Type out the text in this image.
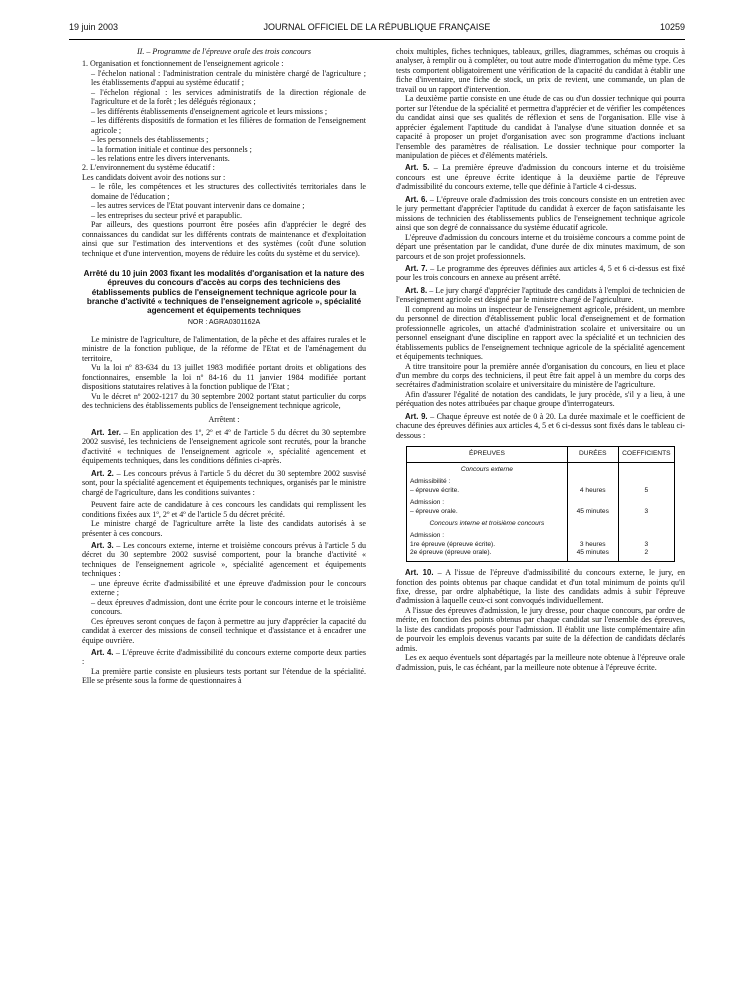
19 juin 2003	JOURNAL OFFICIEL DE LA RÉPUBLIQUE FRANÇAISE	10259

II. – Programme de l'épreuve orale des trois concours

1. Organisation et fonctionnement de l'enseignement agricole :

– l'échelon national : l'administration centrale du ministère chargé de l'agriculture ; les établissements d'appui au système éducatif ;

– l'échelon régional : les services administratifs de la direction régionale de l'agriculture et de la forêt ; les délégués régionaux ;

– les différents établissements d'enseignement agricole et leurs missions ;

– les différents dispositifs de formation et les filières de formation de l'enseignement agricole ;

– les personnels des établissements ;

– la formation initiale et continue des personnels ;

– les relations entre les divers intervenants.

2. L'environnement du système éducatif :

Les candidats doivent avoir des notions sur :

– le rôle, les compétences et les structures des collectivités territoriales dans le domaine de l'éducation ;

– les autres services de l'Etat pouvant intervenir dans ce domaine ;

– les entreprises du secteur privé et parapublic.

Par ailleurs, des questions pourront être posées afin d'apprécier le degré des connaissances du candidat sur les différents contrats de maintenance et d'exploitation ainsi que sur l'estimation des interventions et des systèmes (coût d'une solution technique et d'une intervention, moyens de réduire les coûts du système et du service).

Arrêté du 10 juin 2003 fixant les modalités d'organisation et la nature des épreuves du concours d'accès au corps des techniciens des établissements publics de l'enseignement technique agricole pour la branche d'activité « techniques de l'enseignement agricole », spécialité agencement et équipements techniques

NOR : AGRA0301162A

Le ministre de l'agriculture, de l'alimentation, de la pêche et des affaires rurales et le ministre de la fonction publique, de la réforme de l'Etat et de l'aménagement du territoire,

Vu la loi nº 83-634 du 13 juillet 1983 modifiée portant droits et obligations des fonctionnaires, ensemble la loi nº 84-16 du 11 janvier 1984 modifiée portant dispositions statutaires relatives à la fonction publique de l'Etat ;

Vu le décret nº 2002-1217 du 30 septembre 2002 portant statut particulier du corps des techniciens des établissements publics de l'enseignement technique agricole,

Arrêtent :

Art. 1er. – En application des 1º, 2º et 4º de l'article 5 du décret du 30 septembre 2002 susvisé, les techniciens de l'enseignement agricole sont recrutés, pour la branche d'activité « techniques de l'enseignement agricole », spécialité agencement et équipements techniques, dans les conditions définies ci-après.

Art. 2. – Les concours prévus à l'article 5 du décret du 30 septembre 2002 susvisé sont, pour la spécialité agencement et équipements techniques, organisés par le ministre chargé de l'agriculture, dans les conditions suivantes :

Peuvent faire acte de candidature à ces concours les candidats qui remplissent les conditions fixées aux 1º, 2º et 4º de l'article 5 du décret précité.

Le ministre chargé de l'agriculture arrête la liste des candidats autorisés à se présenter à ces concours.

Art. 3. – Les concours externe, interne et troisième concours prévus à l'article 5 du décret du 30 septembre 2002 susvisé comportent, pour la branche d'activité « techniques de l'enseignement agricole », spécialité agencement et équipements techniques :

– une épreuve écrite d'admissibilité et une épreuve d'admission pour le concours externe ;

– deux épreuves d'admission, dont une écrite pour le concours interne et le troisième concours.

Ces épreuves seront conçues de façon à permettre au jury d'apprécier la capacité du candidat à exercer des missions de conseil technique et d'assistance et à encadrer une équipe ouvrière.

Art. 4. – L'épreuve écrite d'admissibilité du concours externe comporte deux parties :

La première partie consiste en plusieurs tests portant sur l'étendue de la spécialité. Elle se présente sous la forme de questionnaires à

choix multiples, fiches techniques, tableaux, grilles, diagrammes, schémas ou croquis à analyser, à remplir ou à compléter, ou tout autre mode d'interrogation du même type. Ces tests comportent obligatoirement une vérification de la capacité du candidat à établir une fiche d'inventaire, une fiche de stock, un prix de revient, une commande, un plan de travail ou un rapport d'intervention.

La deuxième partie consiste en une étude de cas ou d'un dossier technique qui pourra porter sur l'étendue de la spécialité et permettra d'apprécier et de vérifier les compétences du candidat ainsi que ses qualités de réflexion et sens de l'organisation. Elle vise à apprécier également l'aptitude du candidat à l'analyse d'une situation donnée et sa capacité à proposer un projet d'organisation avec son programme d'actions incluant l'ensemble des paramètres de réalisation. Le dossier technique pour comporter la manipulation de pièces et d'éléments matériels.

Art. 5. – La première épreuve d'admission du concours interne et du troisième concours est une épreuve écrite identique à la deuxième partie de l'épreuve d'admissibilité du concours externe, telle que définie à l'article 4 ci-dessus.

Art. 6. – L'épreuve orale d'admission des trois concours consiste en un entretien avec le jury permettant d'apprécier l'aptitude du candidat à exercer de façon satisfaisante les missions de technicien des établissements publics de l'enseignement technique agricole ainsi que son degré de connaissance du système éducatif agricole.

L'épreuve d'admission du concours interne et du troisième concours a comme point de départ une présentation par le candidat, d'une durée de dix minutes maximum, de son parcours et de son projet professionnels.

Art. 7. – Le programme des épreuves définies aux articles 4, 5 et 6 ci-dessus est fixé pour les trois concours en annexe au présent arrêté.

Art. 8. – Le jury chargé d'apprécier l'aptitude des candidats à l'emploi de technicien de l'enseignement agricole est désigné par le ministre chargé de l'agriculture.

Il comprend au moins un inspecteur de l'enseignement agricole, président, un membre du personnel de direction d'établissement public local d'enseignement et de formation professionnelle agricoles, un attaché d'administration scolaire et universitaire ou un personnel enseignant d'une discipline en rapport avec la spécialité et un technicien des établissements publics de l'enseignement technique agricole de la spécialité agencement et équipements techniques.

A titre transitoire pour la première année d'organisation du concours, en lieu et place d'un membre du corps des techniciens, il peut être fait appel à un membre du corps des secrétaires d'administration scolaire et universitaire du ministère de l'agriculture.

Afin d'assurer l'égalité de notation des candidats, le jury procède, s'il y a lieu, à une péréquation des notes attribuées par chaque groupe d'interrogateurs.

Art. 9. – Chaque épreuve est notée de 0 à 20. La durée maximale et le coefficient de chacune des épreuves définies aux articles 4, 5 et 6 ci-dessus sont fixés dans le tableau ci-dessous :

ÉPREUVES	DURÉES	COEFFICIENTS

Concours externe		

Admissibilité :		
– épreuve écrite.	4 heures	5
Admission :		
– épreuve orale.	45 minutes	3

Concours interne et troisième concours		

Admission :		
1re épreuve (épreuve écrite).	3 heures	3
2e épreuve (épreuve orale).	45 minutes	2

Art. 10. – A l'issue de l'épreuve d'admissibilité du concours externe, le jury, en fonction des points obtenus par chaque candidat et d'un total minimum de points qu'il fixe, dresse, par ordre alphabétique, la liste des candidats admis à subir l'épreuve d'admission à laquelle ceux-ci sont convoqués individuellement.

A l'issue des épreuves d'admission, le jury dresse, pour chaque concours, par ordre de mérite, en fonction des points obtenus par chaque candidat sur l'ensemble des épreuves, la liste des candidats proposés pour l'admission. Il établit une liste complémentaire afin de pourvoir les emplois devenus vacants par suite de la défection de candidats déclarés admis.

Les ex aequo éventuels sont départagés par la meilleure note obtenue à l'épreuve orale d'admission, puis, le cas échéant, par la meilleure note obtenue à l'épreuve écrite.
